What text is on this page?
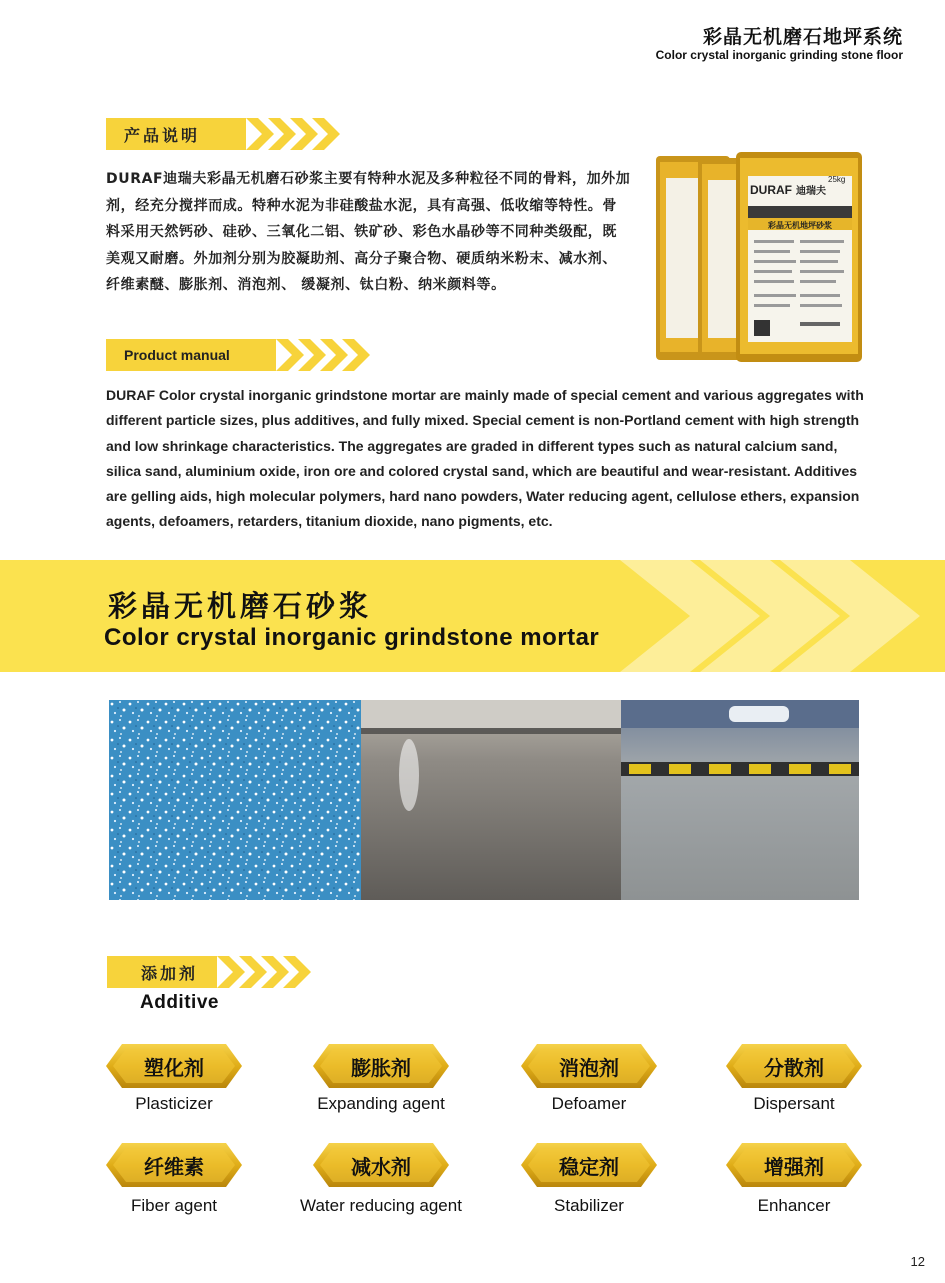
彩晶无机磨石地坪系统
Color crystal inorganic grinding stone floor
产品说明
DURAF迪瑞夫彩晶无机磨石砂浆主要有特种水泥及多种粒径不同的骨料，加外加剂，经充分搅拌而成。特种水泥为非硅酸盐水泥，具有高强、低收缩等特性。骨料采用天然钙砂、硅砂、三氧化二铝、铁矿砂、彩色水晶砂等不同种类级配，既美观又耐磨。外加剂分别为胶凝助剂、高分子聚合物、硬质纳米粉末、减水剂、纤维素醚、膨胀剂、消泡剂、 缓凝剂、钛白粉、纳米颜料等。
DURAF 迪瑞夫
25kg
彩晶无机地坪砂浆
Product manual
DURAF Color crystal inorganic grindstone mortar are mainly made of special cement and various aggregates with different particle sizes, plus additives, and fully mixed. Special cement is non-Portland cement with high strength and low shrinkage characteristics. The aggregates are graded in different types such as natural calcium sand, silica sand, aluminium oxide, iron ore and colored crystal sand, which are beautiful and wear-resistant. Additives are gelling aids, high molecular polymers, hard nano powders, Water reducing agent, cellulose ethers, expansion agents, defoamers, retarders, titanium dioxide, nano pigments, etc.
彩晶无机磨石砂浆
Color crystal inorganic grindstone mortar
添加剂
Additive
塑化剂
Plasticizer
膨胀剂
Expanding agent
消泡剂
Defoamer
分散剂
Dispersant
纤维素
Fiber agent
减水剂
Water reducing agent
稳定剂
Stabilizer
增强剂
Enhancer
12
